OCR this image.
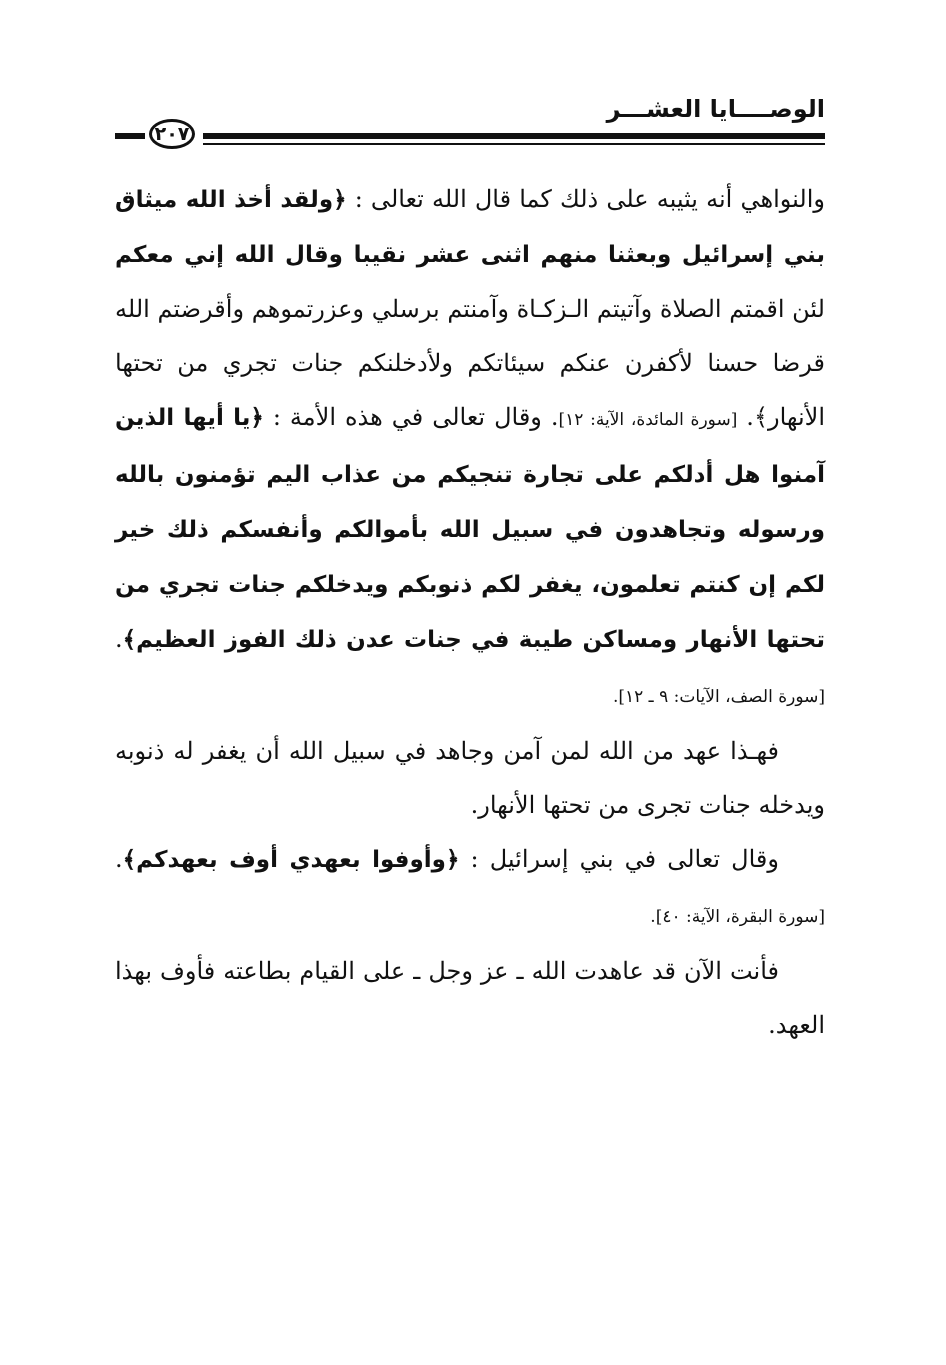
الوصــــايا العشـــر
٢٠٧

والنواهي أنه يثيبه على ذلك كما قال الله تعالى : ﴿ولقد أخذ الله ميثاق بني إسرائيل وبعثنا منهم اثنى عشر نقيبا وقال الله إني معكم لئن اقمتم الصلاة وآتيتم الـزكـاة وآمنتم برسلي وعزرتموهم وأقرضتم الله قرضا حسنا لأكفرن عنكم سيئاتكم ولأدخلنكم جنات تجري من تحتها الأنهار﴾. [سورة المائدة، الآية: ١٢]. وقال تعالى في هذه الأمة : ﴿يا أيها الذين آمنوا هل أدلكم على تجارة تنجيكم من عذاب اليم تؤمنون بالله ورسوله وتجاهدون في سبيل الله بأموالكم وأنفسكم ذلك خير لكم إن كنتم تعلمون، يغفر لكم ذنوبكم ويدخلكم جنات تجري من تحتها الأنهار ومساكن طيبة في جنات عدن ذلك الفوز العظيم﴾. [سورة الصف، الآيات: ٩ ـ ١٢].

فهـذا عهد من الله لمن آمن وجاهد في سبيل الله أن يغفر له ذنوبه ويدخله جنات تجرى من تحتها الأنهار.

وقال تعالى في بني إسرائيل : ﴿وأوفوا بعهدي أوف بعهدكم﴾. [سورة البقرة، الآية: ٤٠].

فأنت الآن قد عاهدت الله ـ عز وجل ـ على القيام بطاعته فأوف بهذا العهد.
